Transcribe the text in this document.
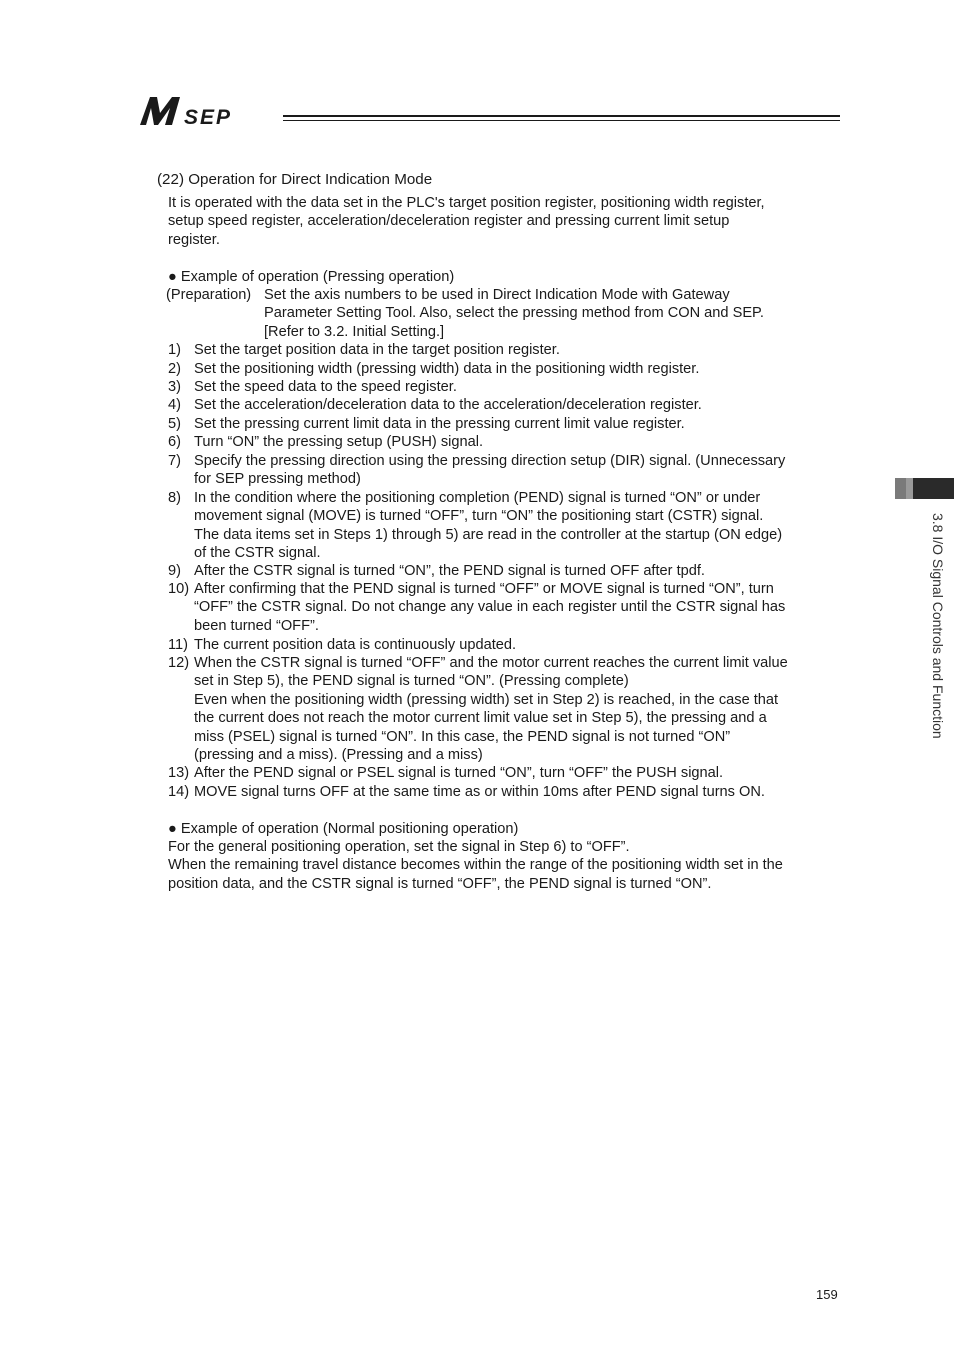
SEP
(22) Operation for Direct Indication Mode
It is operated with the data set in the PLC's target position register, positioning width register,
setup speed register, acceleration/deceleration register and pressing current limit setup
register.
● Example of operation (Pressing operation)
(Preparation) Set the axis numbers to be used in Direct Indication Mode with Gateway
Parameter Setting Tool. Also, select the pressing method from CON and SEP.
[Refer to 3.2. Initial Setting.]
1) Set the target position data in the target position register.
2) Set the positioning width (pressing width) data in the positioning width register.
3) Set the speed data to the speed register.
4) Set the acceleration/deceleration data to the acceleration/deceleration register.
5) Set the pressing current limit data in the pressing current limit value register.
6) Turn “ON” the pressing setup (PUSH) signal.
7) Specify the pressing direction using the pressing direction setup (DIR) signal. (Unnecessary
for SEP pressing method)
8) In the condition where the positioning completion (PEND) signal is turned “ON” or under
movement signal (MOVE) is turned “OFF”, turn “ON” the positioning start (CSTR) signal.
The data items set in Steps 1) through 5) are read in the controller at the startup (ON edge)
of the CSTR signal.
9) After the CSTR signal is turned “ON”, the PEND signal is turned OFF after tpdf.
10) After confirming that the PEND signal is turned “OFF” or MOVE signal is turned “ON”, turn
“OFF” the CSTR signal. Do not change any value in each register until the CSTR signal has
been turned “OFF”.
11) The current position data is continuously updated.
12) When the CSTR signal is turned “OFF” and the motor current reaches the current limit value
set in Step 5), the PEND signal is turned “ON”. (Pressing complete)
Even when the positioning width (pressing width) set in Step 2) is reached, in the case that
the current does not reach the motor current limit value set in Step 5), the pressing and a
miss (PSEL) signal is turned “ON”. In this case, the PEND signal is not turned “ON”
(pressing and a miss). (Pressing and a miss)
13) After the PEND signal or PSEL signal is turned “ON”, turn “OFF” the PUSH signal.
14) MOVE signal turns OFF at the same time as or within 10ms after PEND signal turns ON.
● Example of operation (Normal positioning operation)
For the general positioning operation, set the signal in Step 6) to “OFF”.
When the remaining travel distance becomes within the range of the positioning width set in the
position data, and the CSTR signal is turned “OFF”, the PEND signal is turned “ON”.
3.8 I/O Signal Controls and Function
159
